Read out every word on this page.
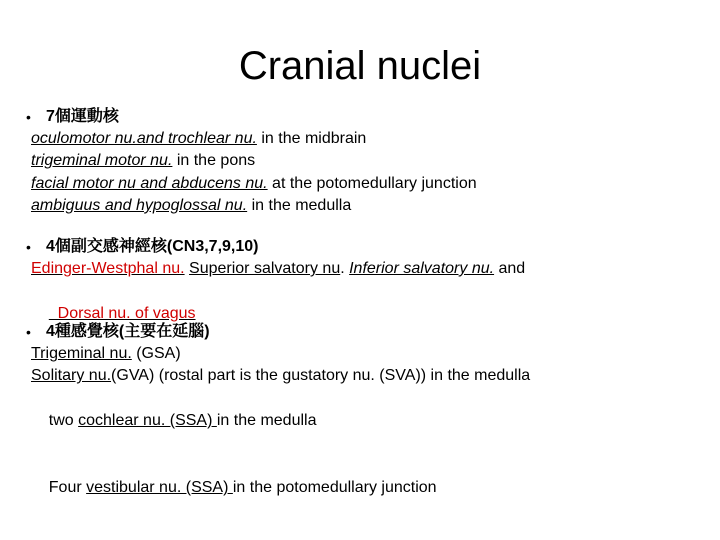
Cranial nuclei
• 7個運動核
oculomotor nu.and trochlear nu. in the midbrain
trigeminal motor nu. in the pons
facial motor nu and abducens nu. at the potomedullary junction
ambiguus and hypoglossal nu. in the medulla
• 4個副交感神經核(CN3,7,9,10)
Edinger-Westphal nu. Superior salvatory nu. Inferior salvatory nu. and

Dorsal nu. of vagus

• 4種感覺核(主要在延腦)
Trigeminal nu. (GSA)
Solitary nu.(GVA) (rostal part is the gustatory nu. (SVA)) in the medulla

two cochlear nu. (SSA) in the medulla

Four vestibular nu. (SSA) in the potomedullary junction
